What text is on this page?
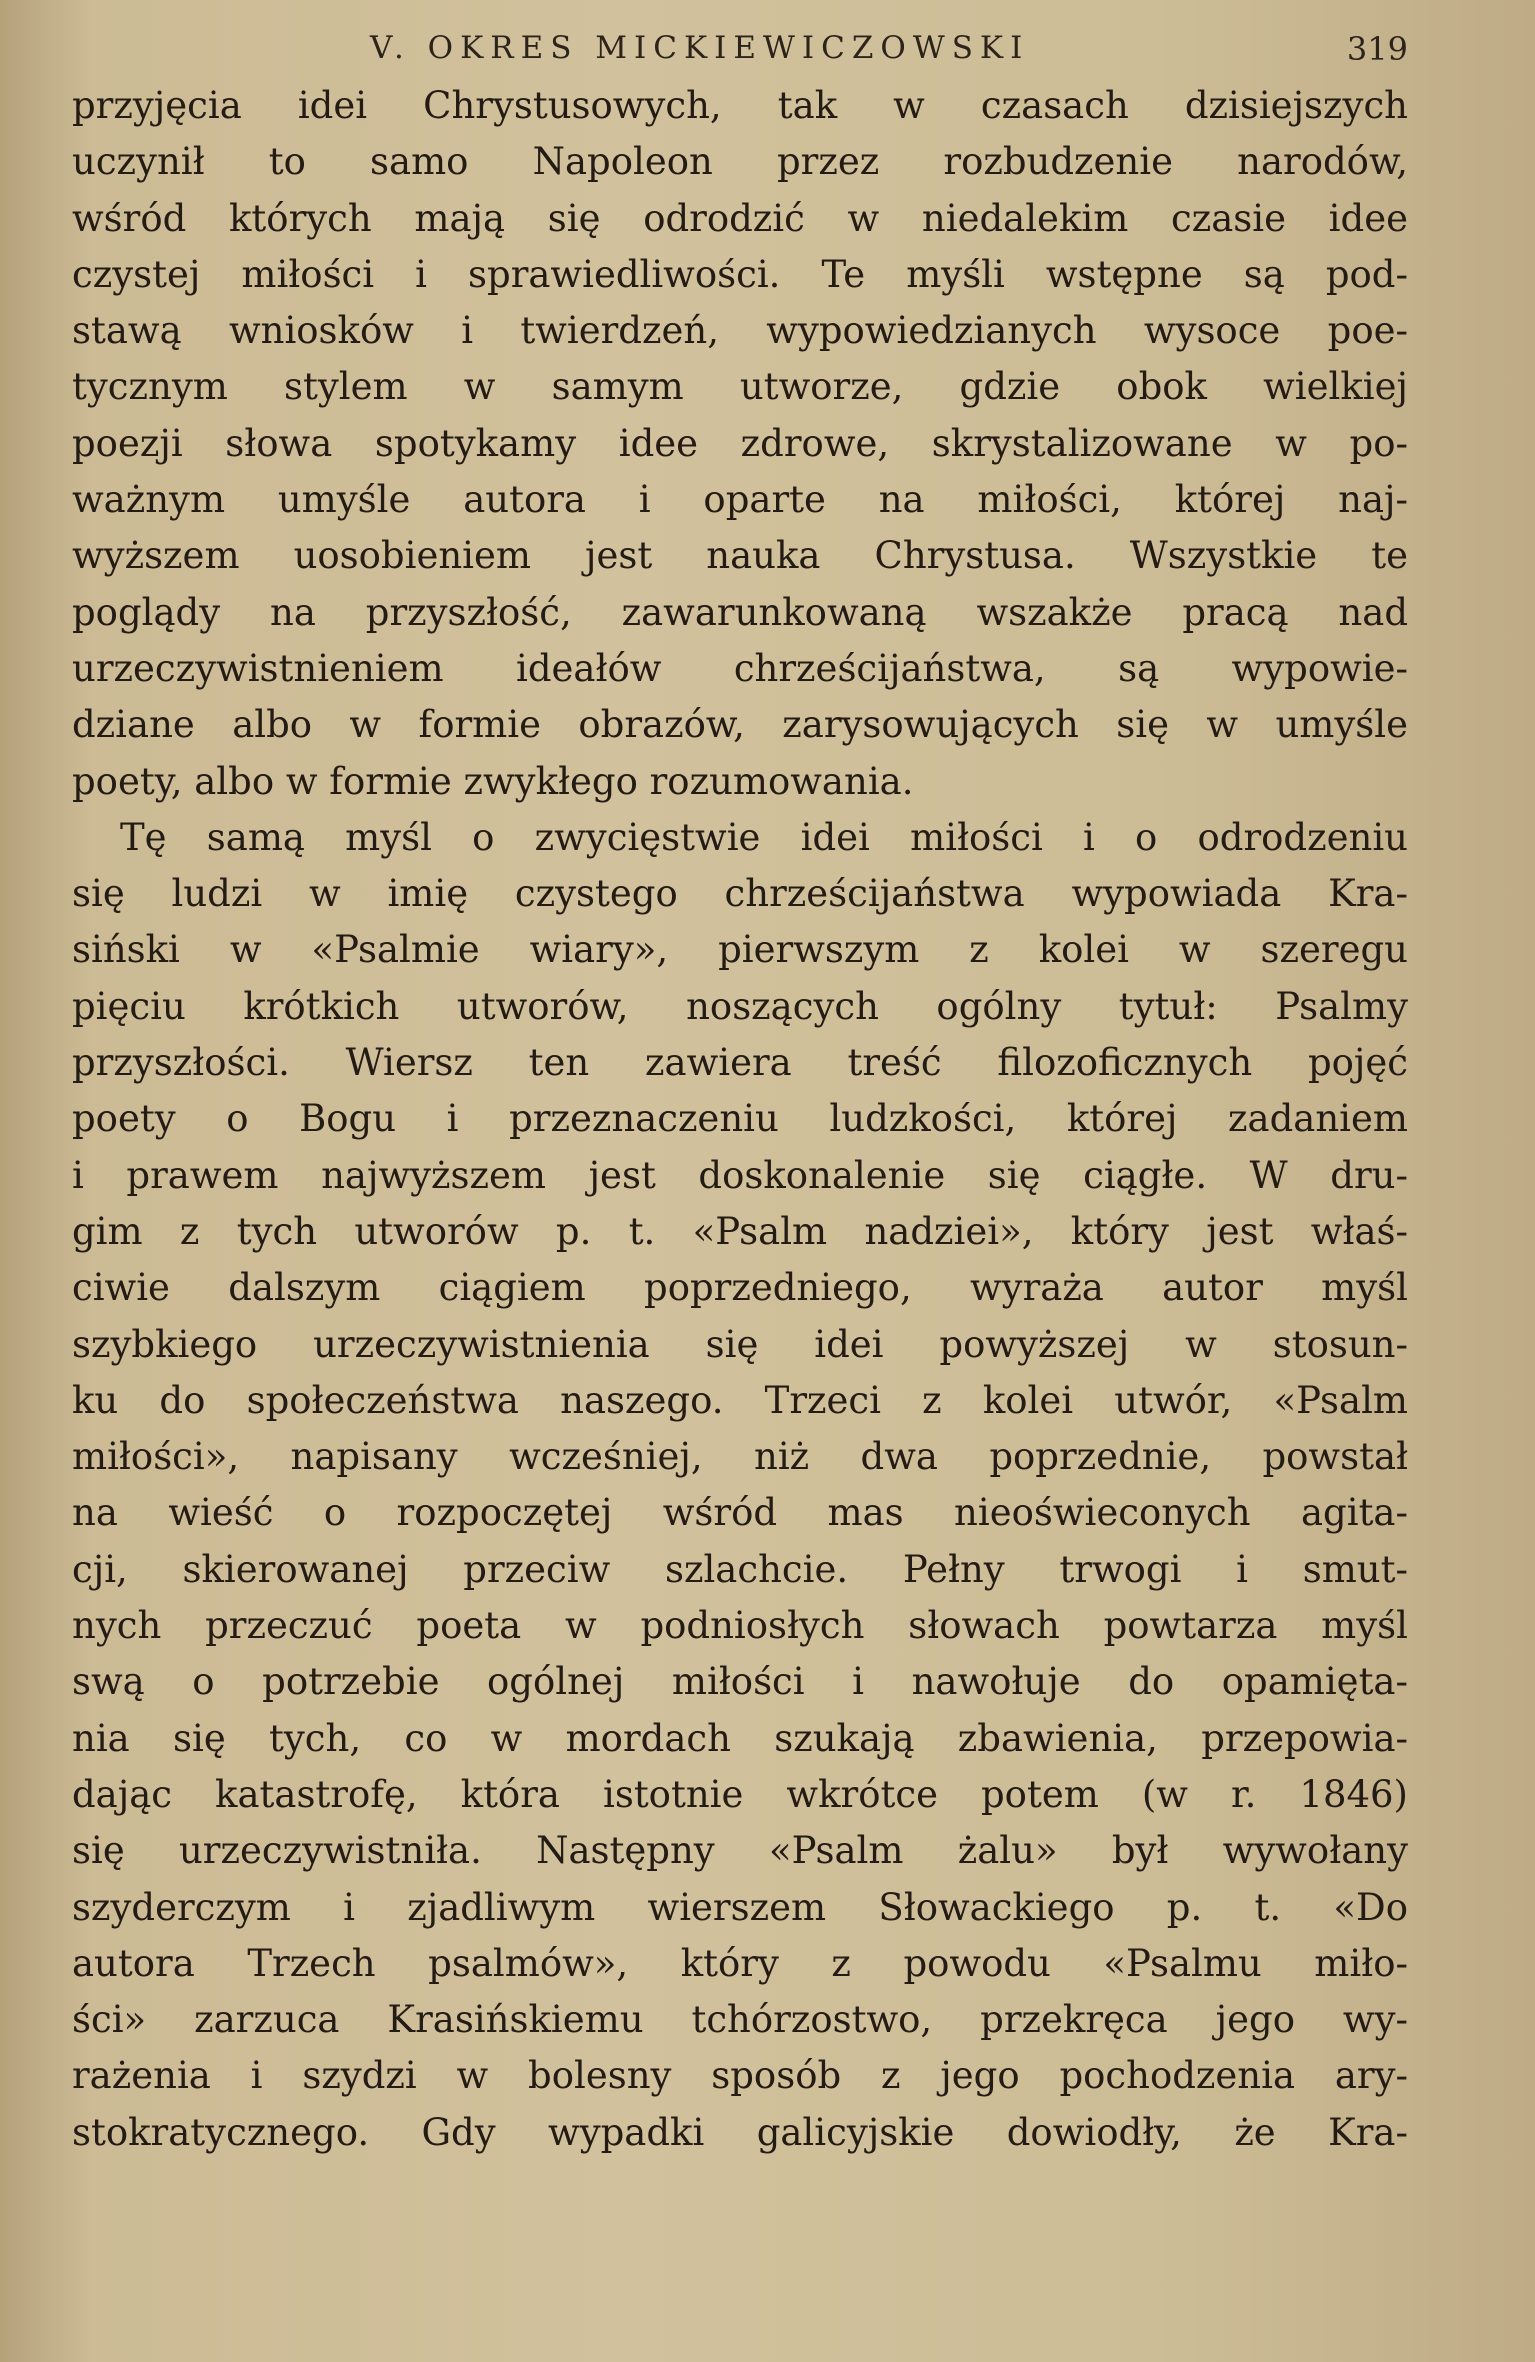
V. OKRES MICKIEWICZOWSKI	319
przyjęcia idei Chrystusowych, tak w czasach dzisiejszych
uczynił to samo Napoleon przez rozbudzenie narodów,
wśród których mają się odrodzić w niedalekim czasie idee
czystej miłości i sprawiedliwości. Te myśli wstępne są pod-
stawą wniosków i twierdzeń, wypowiedzianych wysoce poe-
tycznym stylem w samym utworze, gdzie obok wielkiej
poezji słowa spotykamy idee zdrowe, skrystalizowane w po-
ważnym umyśle autora i oparte na miłości, której naj-
wyższem uosobieniem jest nauka Chrystusa. Wszystkie te
poglądy na przyszłość, zawarunkowaną wszakże pracą nad
urzeczywistnieniem ideałów chrześcijaństwa, są wypowie-
dziane albo w formie obrazów, zarysowujących się w umyśle
poety, albo w formie zwykłego rozumowania.
Tę samą myśl o zwycięstwie idei miłości i o odrodzeniu
się ludzi w imię czystego chrześcijaństwa wypowiada Kra-
siński w «Psalmie wiary», pierwszym z kolei w szeregu
pięciu krótkich utworów, noszących ogólny tytuł: Psalmy
przyszłości. Wiersz ten zawiera treść filozoficznych pojęć
poety o Bogu i przeznaczeniu ludzkości, której zadaniem
i prawem najwyższem jest doskonalenie się ciągłe. W dru-
gim z tych utworów p. t. «Psalm nadziei», który jest właś-
ciwie dalszym ciągiem poprzedniego, wyraża autor myśl
szybkiego urzeczywistnienia się idei powyższej w stosun-
ku do społeczeństwa naszego. Trzeci z kolei utwór, «Psalm
miłości», napisany wcześniej, niż dwa poprzednie, powstał
na wieść o rozpoczętej wśród mas nieoświeconych agita-
cji, skierowanej przeciw szlachcie. Pełny trwogi i smut-
nych przeczuć poeta w podniosłych słowach powtarza myśl
swą o potrzebie ogólnej miłości i nawołuje do opamięta-
nia się tych, co w mordach szukają zbawienia, przepowia-
dając katastrofę, która istotnie wkrótce potem (w r. 1846)
się urzeczywistniła. Następny «Psalm żalu» był wywołany
szyderczym i zjadliwym wierszem Słowackiego p. t. «Do
autora Trzech psalmów», który z powodu «Psalmu miło-
ści» zarzuca Krasińskiemu tchórzostwo, przekręca jego wy-
rażenia i szydzi w bolesny sposób z jego pochodzenia ary-
stokratycznego. Gdy wypadki galicyjskie dowiodły, że Kra-
